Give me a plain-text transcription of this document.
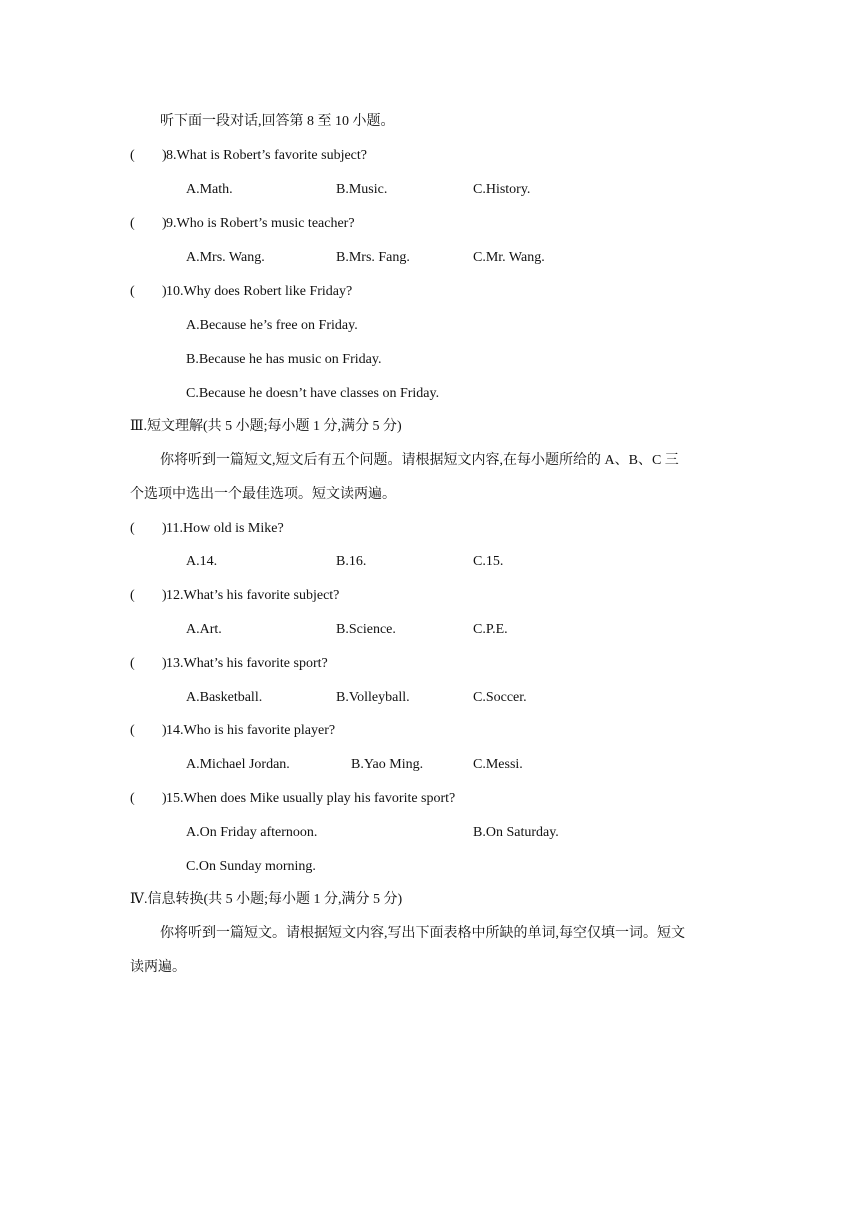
听下面一段对话,回答第 8 至 10 小题。
( 8.What is Robert’s favorite subject?
)
A.Math.	B.Music.	C.History.
( 9.Who is Robert’s music teacher?
)
A.Mrs. Wang.	B.Mrs. Fang.	C.Mr. Wang.
( 10.Why does Robert like Friday?
)
A.Because he’s free on Friday.
B.Because he has music on Friday.
C.Because he doesn’t have classes on Friday.
Ⅲ.短文理解(共 5 小题;每小题 1 分,满分 5 分)
你将听到一篇短文,短文后有五个问题。请根据短文内容,在每小题所给的 A、B、C 三
个选项中选出一个最佳选项。短文读两遍。
( ) 11.How old is Mike?
A.14.	B.16.	C.15.
( ) 12.What’s his favorite subject?
A.Art.	B.Science.	C.P.E.
( ) 13.What’s his favorite sport?
A.Basketball.	B.Volleyball.	C.Soccer.
( ) 14.Who is his favorite player?
A.Michael Jordan.	B.Yao Ming.	C.Messi.
( ) 15.When does Mike usually play his favorite sport?
A.On Friday afternoon.	B.On Saturday.
C.On Sunday morning.
Ⅳ.信息转换(共 5 小题;每小题 1 分,满分 5 分)
你将听到一篇短文。请根据短文内容,写出下面表格中所缺的单词,每空仅填一词。短文
读两遍。
